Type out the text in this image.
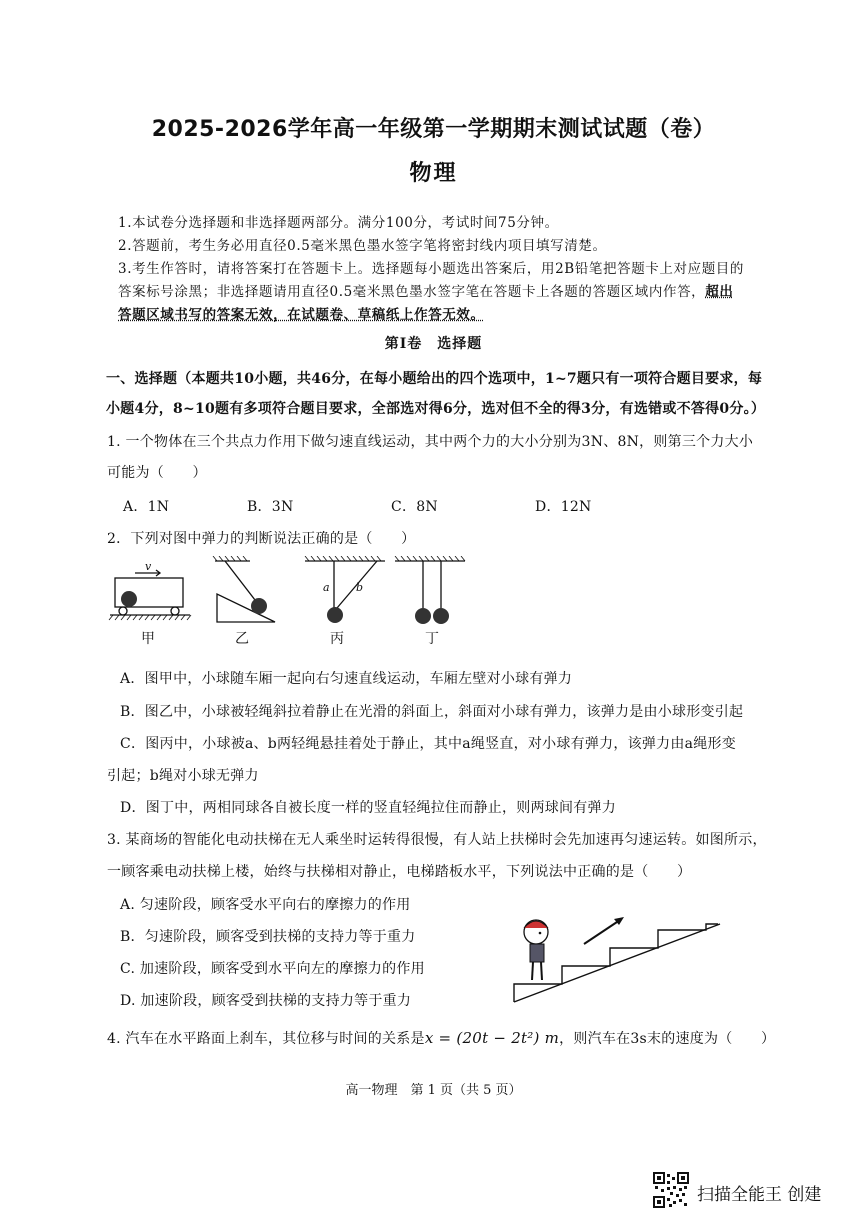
2025-2026学年高一年级第一学期期末测试试题（卷）
物理
1.本试卷分选择题和非选择题两部分。满分100分，考试时间75分钟。
2.答题前，考生务必用直径0.5毫米黑色墨水签字笔将密封线内项目填写清楚。
3.考生作答时，请将答案打在答题卡上。选择题每小题选出答案后，用2B铅笔把答题卡上对应题目的
答案标号涂黑；非选择题请用直径0.5毫米黑色墨水签字笔在答题卡上各题的答题区域内作答，超出
答题区域书写的答案无效，在试题卷、草稿纸上作答无效。
第Ⅰ卷　选择题
一、选择题（本题共10小题，共46分，在每小题给出的四个选项中，1~7题只有一项符合题目要求，每
小题4分，8~10题有多项符合题目要求，全部选对得6分，选对但不全的得3分，有选错或不答得0分。）
1. 一个物体在三个共点力作用下做匀速直线运动，其中两个力的大小分别为3N、8N，则第三个力大小
可能为（　　）
A．1N	B．3N	C．8N	D．12N
2．下列对图中弹力的判断说法正确的是（　　）
v
a b
甲	乙	丙	丁
A．图甲中，小球随车厢一起向右匀速直线运动，车厢左壁对小球有弹力
B．图乙中，小球被轻绳斜拉着静止在光滑的斜面上，斜面对小球有弹力，该弹力是由小球形变引起
C．图丙中，小球被a、b两轻绳悬挂着处于静止，其中a绳竖直，对小球有弹力，该弹力由a绳形变
引起；b绳对小球无弹力
D．图丁中，两相同球各自被长度一样的竖直轻绳拉住而静止，则两球间有弹力
3. 某商场的智能化电动扶梯在无人乘坐时运转得很慢，有人站上扶梯时会先加速再匀速运转。如图所示，
一顾客乘电动扶梯上楼，始终与扶梯相对静止，电梯踏板水平，下列说法中正确的是（　　）
A. 匀速阶段，顾客受水平向右的摩擦力的作用
B．匀速阶段，顾客受到扶梯的支持力等于重力
C. 加速阶段，顾客受到水平向左的摩擦力的作用
D. 加速阶段，顾客受到扶梯的支持力等于重力
4. 汽车在水平路面上刹车，其位移与时间的关系是x = (20t − 2t²) m，则汽车在3s末的速度为（　　）
高一物理　第 1 页（共 5 页）
扫描全能王 创建
